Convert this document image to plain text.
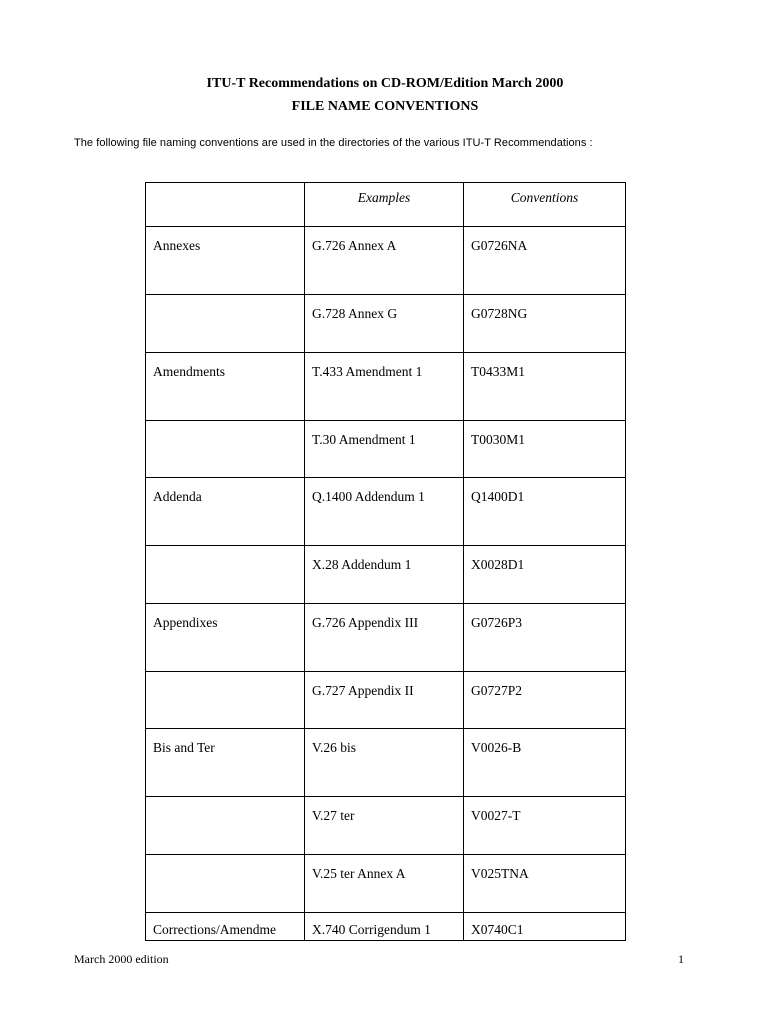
ITU-T Recommendations on CD-ROM/Edition March 2000
FILE NAME CONVENTIONS
The following file naming conventions are used in the directories of the various ITU-T Recommendations :
	Examples	Conventions
Annexes	G.726 Annex A	G0726NA
	G.728 Annex G	G0728NG
Amendments	T.433 Amendment 1	T0433M1
	T.30 Amendment 1	T0030M1
Addenda	Q.1400 Addendum 1	Q1400D1
	X.28 Addendum 1	X0028D1
Appendixes	G.726 Appendix III	G0726P3
	G.727 Appendix II	G0727P2
Bis and Ter	V.26 bis	V0026-B
	V.27 ter	V0027-T
	V.25 ter Annex A	V025TNA
Corrections/Amendme	X.740 Corrigendum 1	X0740C1
March 2000 edition	1
